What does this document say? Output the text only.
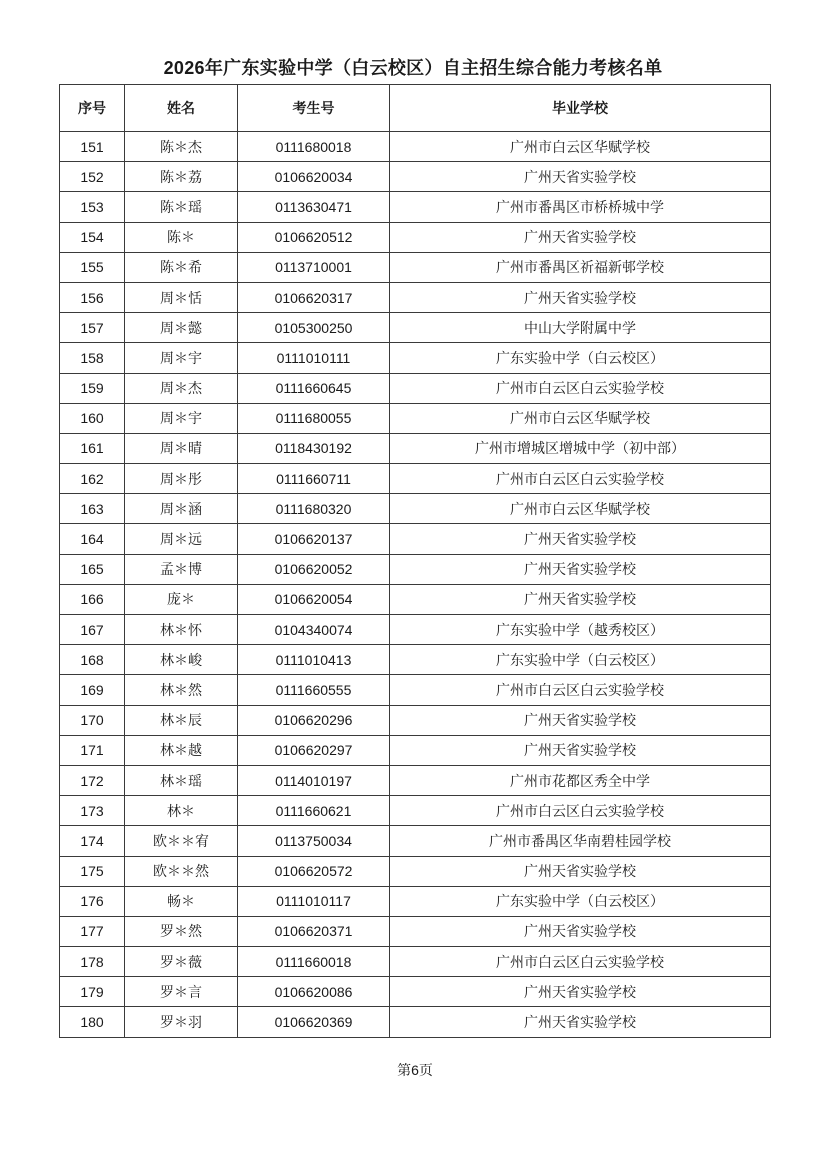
2026年广东实验中学（白云校区）自主招生综合能力考核名单
序号	姓名	考生号	毕业学校
151	陈＊杰	0111680018	广州市白云区华赋学校
152	陈＊荔	0106620034	广州天省实验学校
153	陈＊瑶	0113630471	广州市番禺区市桥桥城中学
154	陈＊	0106620512	广州天省实验学校
155	陈＊希	0113710001	广州市番禺区祈福新邨学校
156	周＊恬	0106620317	广州天省实验学校
157	周＊懿	0105300250	中山大学附属中学
158	周＊宇	0111010111	广东实验中学（白云校区）
159	周＊杰	0111660645	广州市白云区白云实验学校
160	周＊宇	0111680055	广州市白云区华赋学校
161	周＊晴	0118430192	广州市增城区增城中学（初中部）
162	周＊彤	0111660711	广州市白云区白云实验学校
163	周＊涵	0111680320	广州市白云区华赋学校
164	周＊远	0106620137	广州天省实验学校
165	孟＊博	0106620052	广州天省实验学校
166	庞＊	0106620054	广州天省实验学校
167	林＊怀	0104340074	广东实验中学（越秀校区）
168	林＊峻	0111010413	广东实验中学（白云校区）
169	林＊然	0111660555	广州市白云区白云实验学校
170	林＊辰	0106620296	广州天省实验学校
171	林＊越	0106620297	广州天省实验学校
172	林＊瑶	0114010197	广州市花都区秀全中学
173	林＊	0111660621	广州市白云区白云实验学校
174	欧＊＊宥	0113750034	广州市番禺区华南碧桂园学校
175	欧＊＊然	0106620572	广州天省实验学校
176	畅＊	0111010117	广东实验中学（白云校区）
177	罗＊然	0106620371	广州天省实验学校
178	罗＊薇	0111660018	广州市白云区白云实验学校
179	罗＊言	0106620086	广州天省实验学校
180	罗＊羽	0106620369	广州天省实验学校
第6页
